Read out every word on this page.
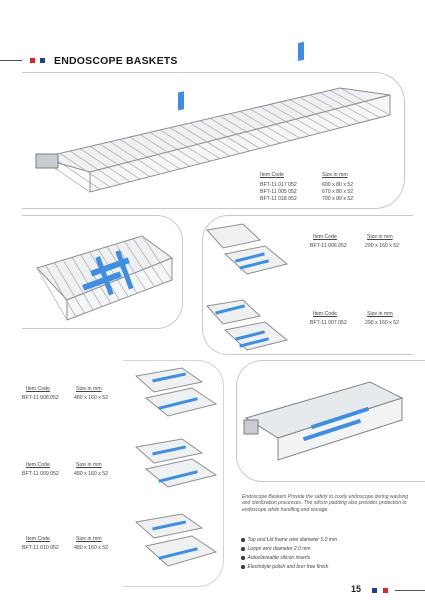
ENDOSCOPE BASKETS
Item Code	Size in mm
BFT-11 017 052	600 x 80 x 52
BFT-11 005 052	670 x 80 x 52
BFT-11 018 052	700 x 80 x 52
Item Code	Size in mm
BFT-11 006 052	290 x 160 x 52
Item Code	Size in mm
BFT-11 007 052	290 x 160 x 52
Item Code	Size in mm
BFT-11 008 052	480 x 160 x 52
Item Code	Size in mm
BFT-11 009 052	480 x 160 x 52
Item Code	Size in mm
BFT-11 010 052	480 x 160 x 52
Endoscope Baskets Provide the safety to costly endoscope during washing and sterilization processes. The silicon padding also provides protection to endoscope while handling and storage.
Top and Lid frame wire diameter 5.0 mm
Loops wire diameter 2.0 mm
Autoclaveable silicon inserts
Electrolyte polish and burr free finish
15
